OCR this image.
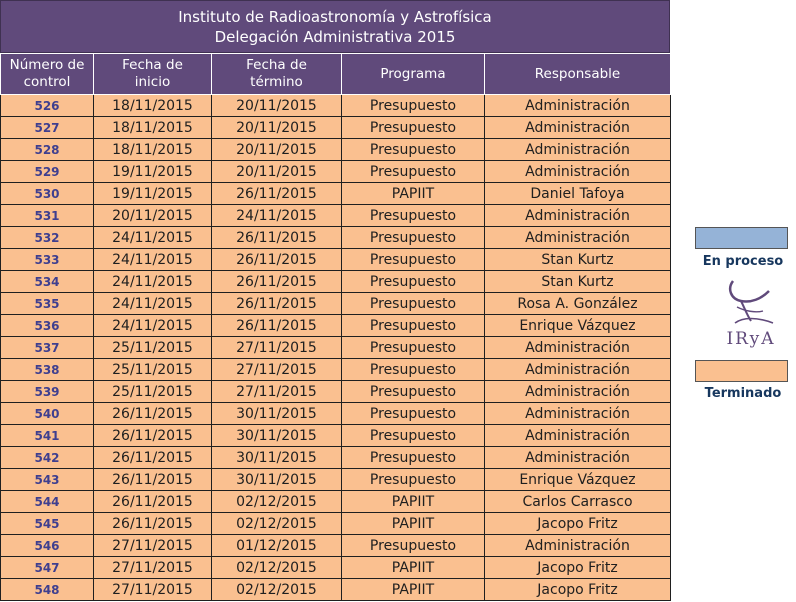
Instituto de Radioastronomía y Astrofísica
Delegación Administrativa 2015
Número de
control	Fecha de
inicio	Fecha de
término	Programa	Responsable
526	18/11/2015	20/11/2015	Presupuesto	Administración
527	18/11/2015	20/11/2015	Presupuesto	Administración
528	18/11/2015	20/11/2015	Presupuesto	Administración
529	19/11/2015	20/11/2015	Presupuesto	Administración
530	19/11/2015	26/11/2015	PAPIIT	Daniel Tafoya
531	20/11/2015	24/11/2015	Presupuesto	Administración
532	24/11/2015	26/11/2015	Presupuesto	Administración
533	24/11/2015	26/11/2015	Presupuesto	Stan Kurtz
534	24/11/2015	26/11/2015	Presupuesto	Stan Kurtz
535	24/11/2015	26/11/2015	Presupuesto	Rosa A. González
536	24/11/2015	26/11/2015	Presupuesto	Enrique Vázquez
537	25/11/2015	27/11/2015	Presupuesto	Administración
538	25/11/2015	27/11/2015	Presupuesto	Administración
539	25/11/2015	27/11/2015	Presupuesto	Administración
540	26/11/2015	30/11/2015	Presupuesto	Administración
541	26/11/2015	30/11/2015	Presupuesto	Administración
542	26/11/2015	30/11/2015	Presupuesto	Administración
543	26/11/2015	30/11/2015	Presupuesto	Enrique Vázquez
544	26/11/2015	02/12/2015	PAPIIT	Carlos Carrasco
545	26/11/2015	02/12/2015	PAPIIT	Jacopo Fritz
546	27/11/2015	01/12/2015	Presupuesto	Administración
547	27/11/2015	02/12/2015	PAPIIT	Jacopo Fritz
548	27/11/2015	02/12/2015	PAPIIT	Jacopo Fritz
En proceso
Terminado
IRyA
